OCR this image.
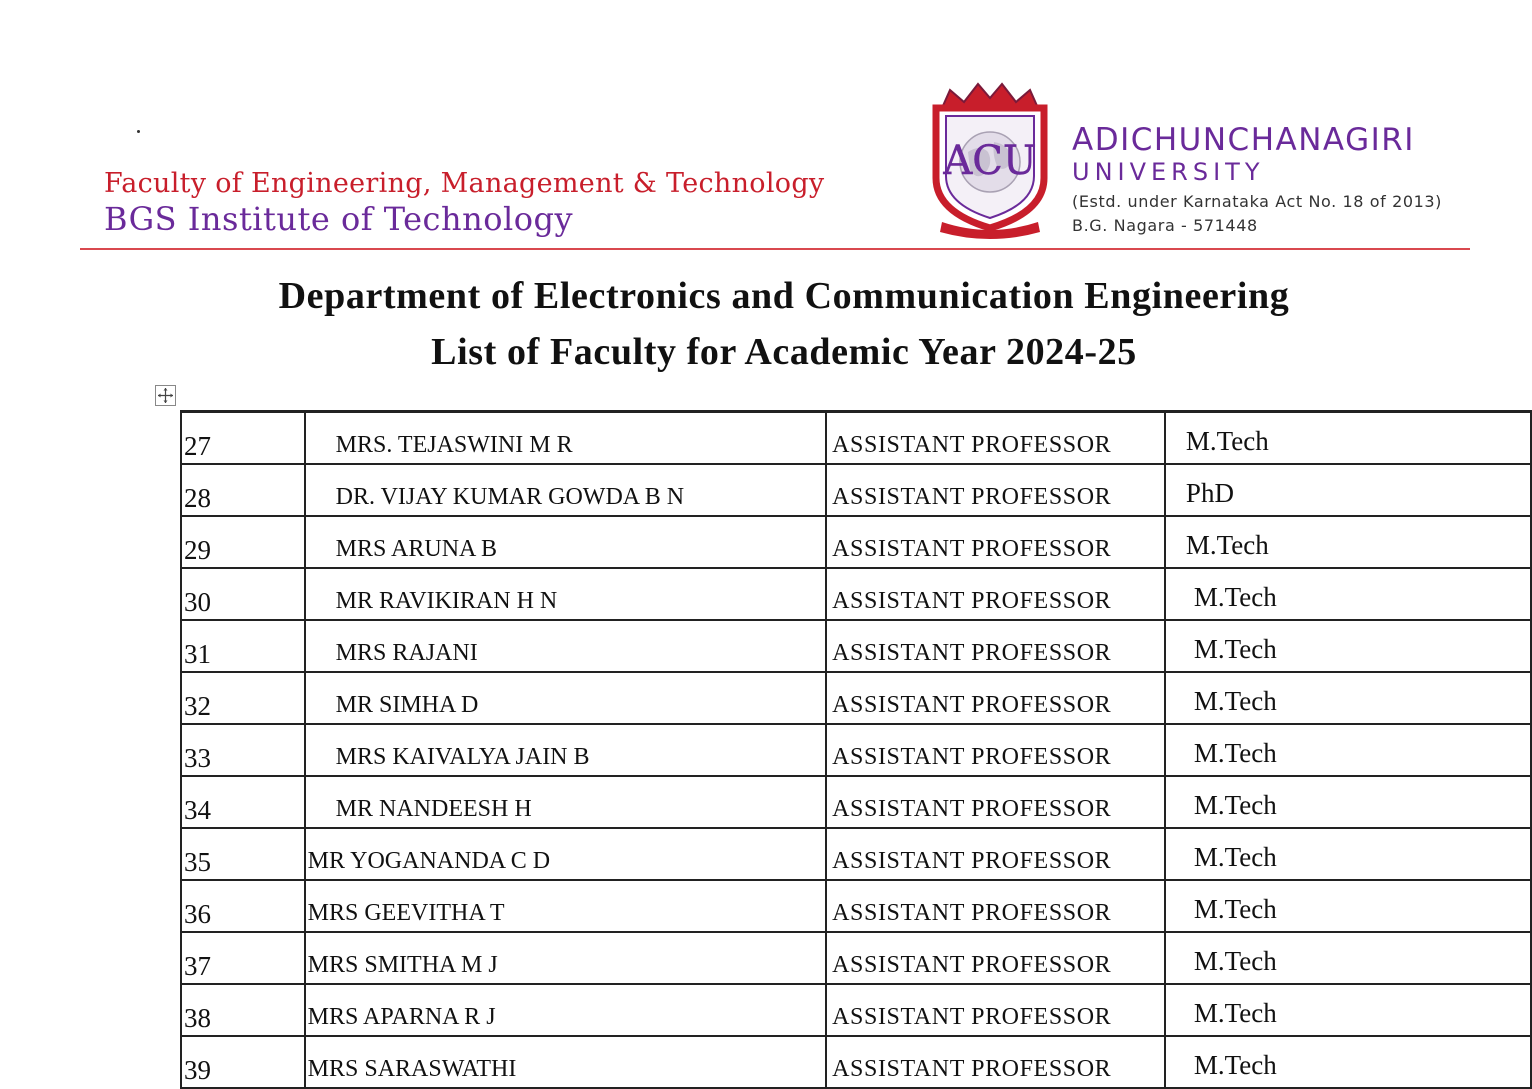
Faculty of Engineering, Management & Technology
BGS Institute of Technology
ACU ADICHUNCHANAGIRI
UNIVERSITY
(Estd. under Karnataka Act No. 18 of 2013)
B.G. Nagara - 571448
Department of Electronics and Communication Engineering
List of Faculty for Academic Year 2024-25
27	MRS. TEJASWINI M R	ASSISTANT PROFESSOR	M.Tech
28	DR. VIJAY KUMAR GOWDA B N	ASSISTANT PROFESSOR	PhD
29	MRS ARUNA B	ASSISTANT PROFESSOR	M.Tech
30	MR RAVIKIRAN H N	ASSISTANT PROFESSOR	M.Tech
31	MRS RAJANI	ASSISTANT PROFESSOR	M.Tech
32	MR SIMHA D	ASSISTANT PROFESSOR	M.Tech
33	MRS KAIVALYA JAIN B	ASSISTANT PROFESSOR	M.Tech
34	MR NANDEESH H	ASSISTANT PROFESSOR	M.Tech
35	MR YOGANANDA C D	ASSISTANT PROFESSOR	M.Tech
36	MRS GEEVITHA T	ASSISTANT PROFESSOR	M.Tech
37	MRS SMITHA M J	ASSISTANT PROFESSOR	M.Tech
38	MRS APARNA R J	ASSISTANT PROFESSOR	M.Tech
39	MRS SARASWATHI	ASSISTANT PROFESSOR	M.Tech
